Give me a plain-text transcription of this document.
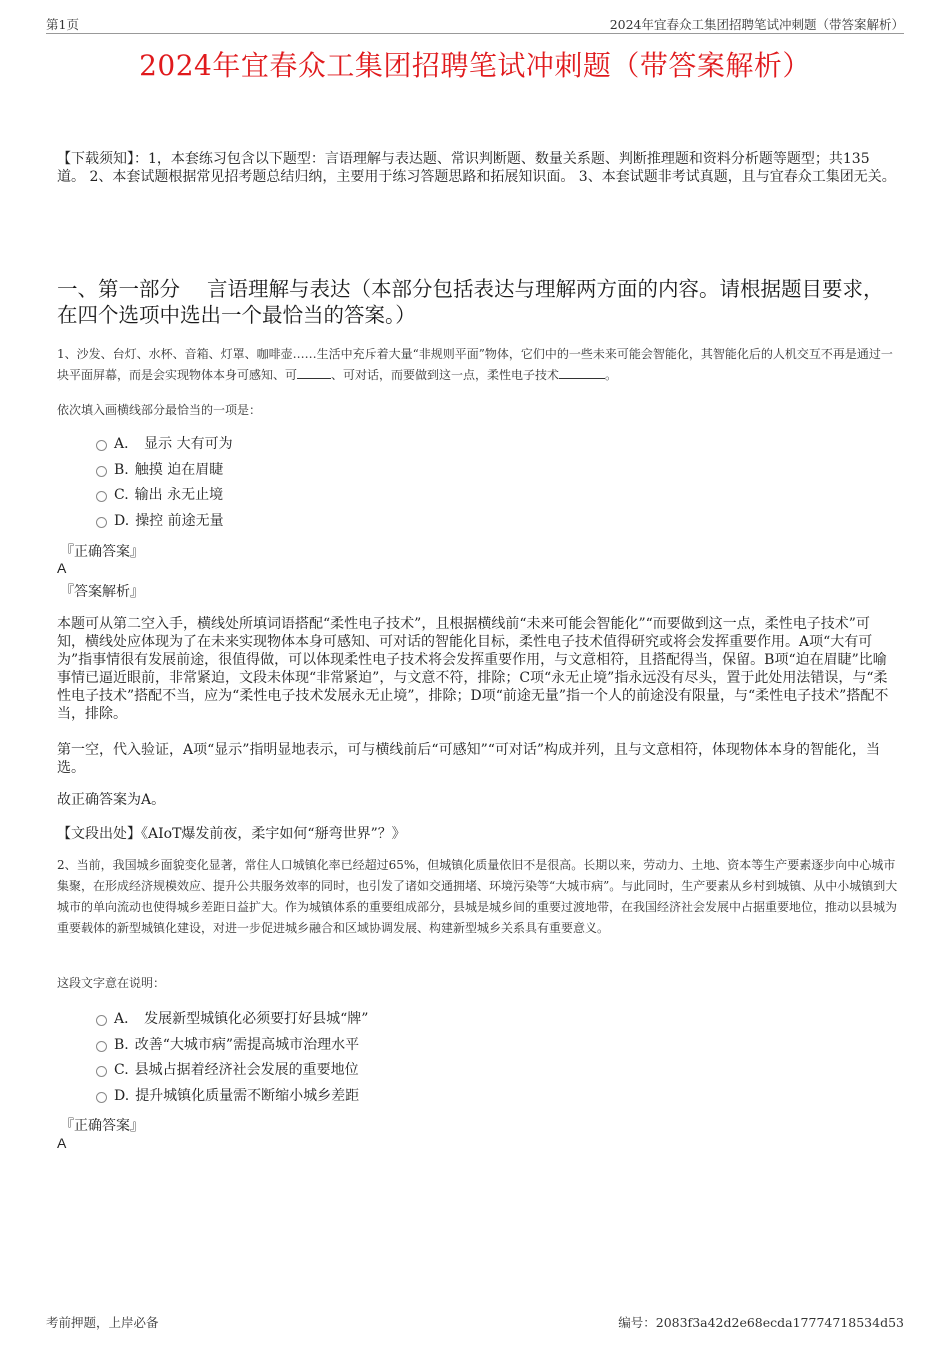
第1页	2024年宜春众工集团招聘笔试冲刺题（带答案解析）
2024年宜春众工集团招聘笔试冲刺题（带答案解析）
【下载须知】：1，本套练习包含以下题型：言语理解与表达题、常识判断题、数量关系题、判断推理题和资料分析题等题型；共135道。 2、本套试题根据常见招考题总结归纳，主要用于练习答题思路和拓展知识面。 3、本套试题非考试真题，且与宜春众工集团无关。
一、第一部分　 言语理解与表达（本部分包括表达与理解两方面的内容。请根据题目要求，在四个选项中选出一个最恰当的答案。）
1、沙发、台灯、水杯、音箱、灯罩、咖啡壶……生活中充斥着大量“非规则平面”物体，它们中的一些未来可能会智能化，其智能化后的人机交互不再是通过一块平面屏幕，而是会实现物体本身可感知、可	、可对话，而要做到这一点，柔性电子技术	。
依次填入画横线部分最恰当的一项是：
A． 显示 大有可为
B. 触摸 迫在眉睫
C. 输出 永无止境
D. 操控 前途无量
『正确答案』
A
『答案解析』
本题可从第二空入手，横线处所填词语搭配“柔性电子技术”，且根据横线前“未来可能会智能化”“而要做到这一点，柔性电子技术”可知，横线处应体现为了在未来实现物体本身可感知、可对话的智能化目标，柔性电子技术值得研究或将会发挥重要作用。A项“大有可为”指事情很有发展前途，很值得做，可以体现柔性电子技术将会发挥重要作用，与文意相符，且搭配得当，保留。B项“迫在眉睫”比喻事情已逼近眼前，非常紧迫，文段未体现“非常紧迫”，与文意不符，排除；C项“永无止境”指永远没有尽头，置于此处用法错误，与“柔性电子技术”搭配不当，应为“柔性电子技术发展永无止境”，排除；D项“前途无量”指一个人的前途没有限量，与“柔性电子技术”搭配不当，排除。
第一空，代入验证，A项“显示”指明显地表示，可与横线前后“可感知”“可对话”构成并列，且与文意相符，体现物体本身的智能化，当选。
故正确答案为A。
【文段出处】《AIoT爆发前夜，柔宇如何“掰弯世界”？》
2、当前，我国城乡面貌变化显著，常住人口城镇化率已经超过65%，但城镇化质量依旧不是很高。长期以来，劳动力、土地、资本等生产要素逐步向中心城市集聚，在形成经济规模效应、提升公共服务效率的同时，也引发了诸如交通拥堵、环境污染等“大城市病”。与此同时，生产要素从乡村到城镇、从中小城镇到大城市的单向流动也使得城乡差距日益扩大。作为城镇体系的重要组成部分，县城是城乡间的重要过渡地带，在我国经济社会发展中占据重要地位，推动以县城为重要载体的新型城镇化建设，对进一步促进城乡融合和区域协调发展、构建新型城乡关系具有重要意义。
这段文字意在说明：
A． 发展新型城镇化必须要打好县城“牌”
B. 改善“大城市病”需提高城市治理水平
C. 县城占据着经济社会发展的重要地位
D. 提升城镇化质量需不断缩小城乡差距
『正确答案』
A
考前押题，上岸必备	编号：2083f3a42d2e68ecda17774718534d53
